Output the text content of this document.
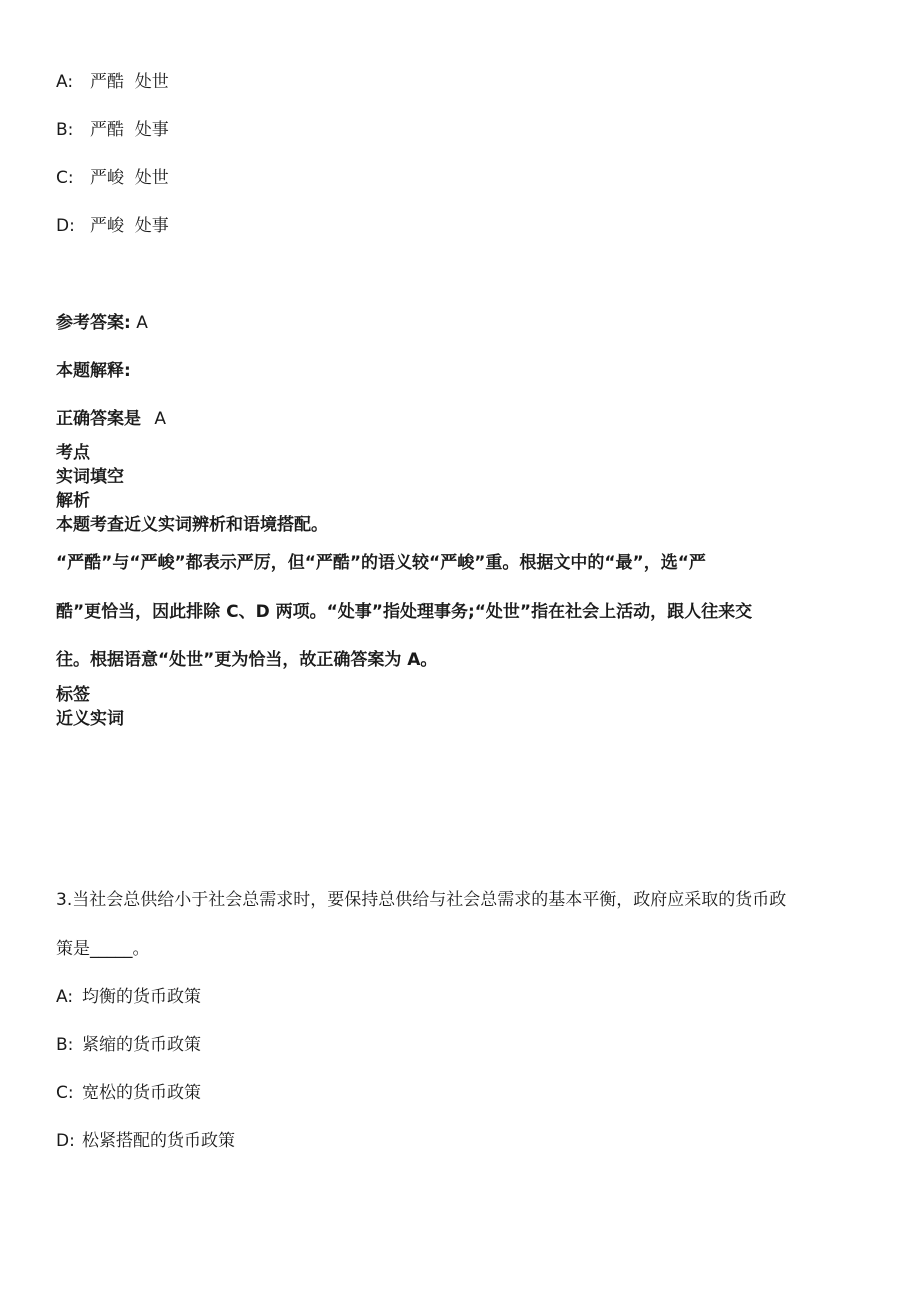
A: 严酷  处世
B: 严酷  处事
C: 严峻  处世
D: 严峻  处事
参考答案: A
本题解释:
正确答案是 A
考点
实词填空
解析
本题考查近义实词辨析和语境搭配。
“严酷”与“严峻”都表示严厉，但“严酷”的语义较“严峻”重。根据文中的“最”，选“严
酷”更恰当，因此排除 C、D 两项。“处事”指处理事务;“处世”指在社会上活动，跟人往来交
往。根据语意“处世”更为恰当，故正确答案为 A。
标签
近义实词
3.当社会总供给小于社会总需求时，要保持总供给与社会总需求的基本平衡，政府应采取的货币政
策是_____。
A: 均衡的货币政策
B: 紧缩的货币政策
C: 宽松的货币政策
D: 松紧搭配的货币政策
